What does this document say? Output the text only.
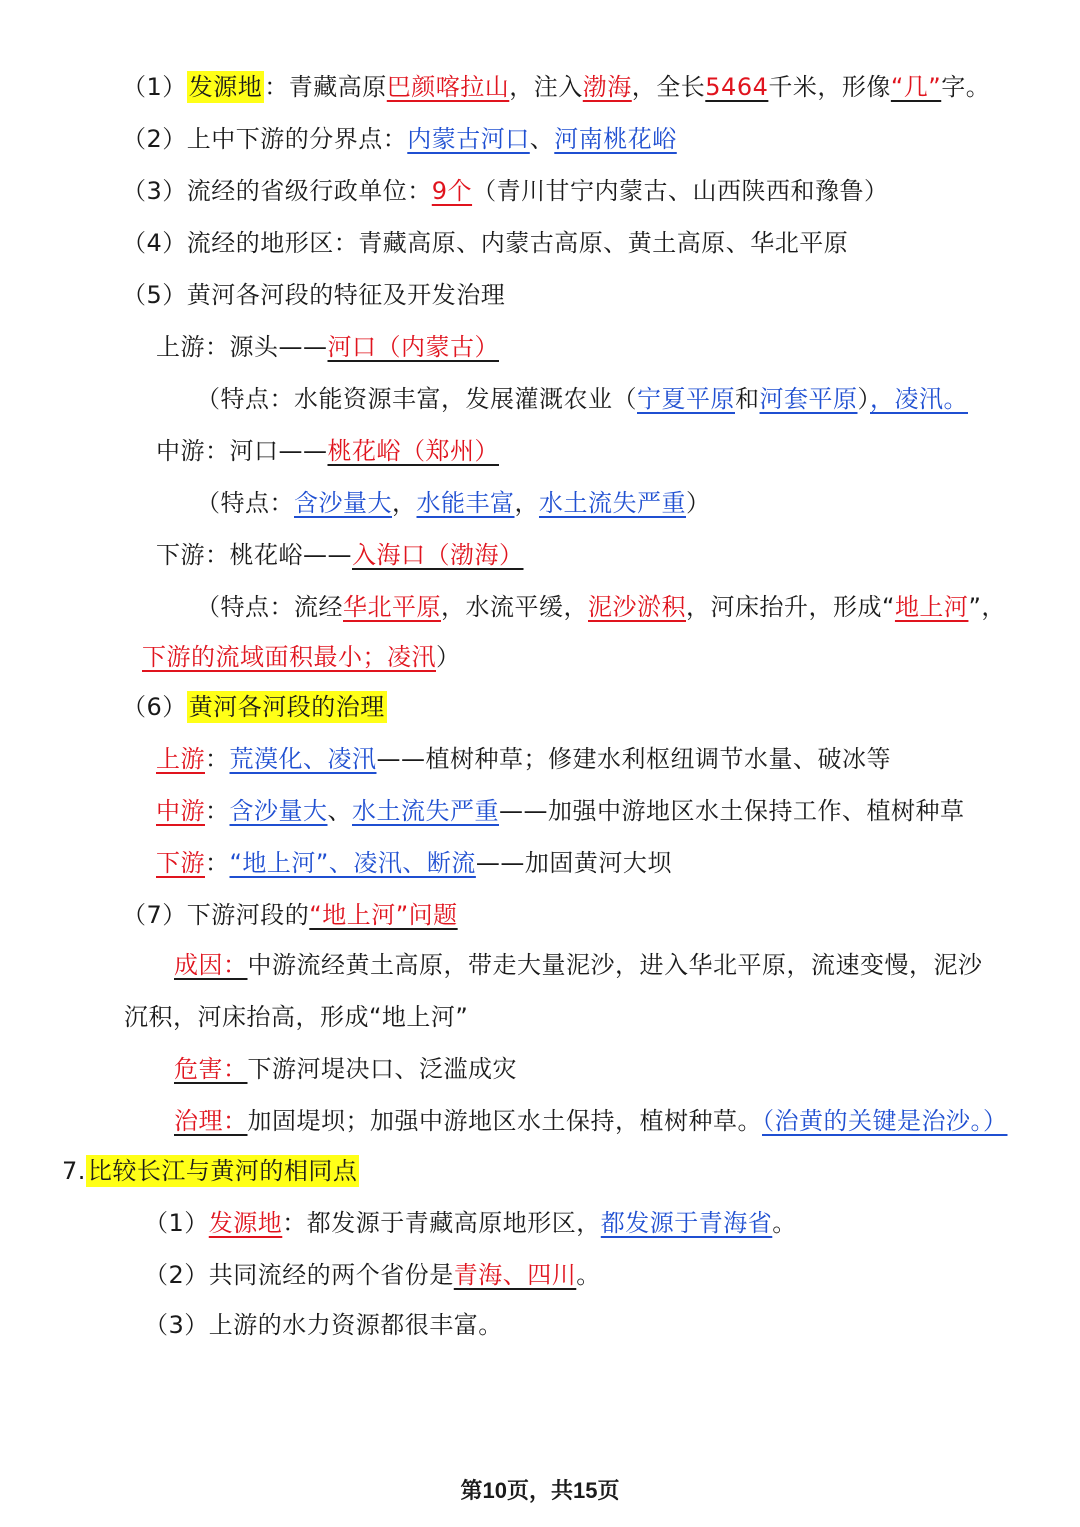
（1）发源地：青藏高原巴颜喀拉山，注入渤海，全长5464千米，形像“几”字。
（2）上中下游的分界点：内蒙古河口、河南桃花峪
（3）流经的省级行政单位：9个（青川甘宁内蒙古、山西陕西和豫鲁）
（4）流经的地形区：青藏高原、内蒙古高原、黄土高原、华北平原
（5）黄河各河段的特征及开发治理
上游：源头——河口（内蒙古）
（特点：水能资源丰富，发展灌溉农业（宁夏平原和河套平原），凌汛。
中游：河口——桃花峪（郑州）
（特点：含沙量大，水能丰富，水土流失严重）
下游：桃花峪——入海口（渤海）
（特点：流经华北平原，水流平缓，泥沙淤积，河床抬升，形成“地上河”，
下游的流域面积最小；凌汛）
（6）黄河各河段的治理
上游：荒漠化、凌汛——植树种草；修建水利枢纽调节水量、破冰等
中游：含沙量大、水土流失严重——加强中游地区水土保持工作、植树种草
下游：“地上河”、凌汛、断流——加固黄河大坝
（7）下游河段的“地上河”问题
成因：中游流经黄土高原，带走大量泥沙，进入华北平原，流速变慢，泥沙
沉积，河床抬高，形成“地上河”
危害：下游河堤决口、泛滥成灾
治理：加固堤坝；加强中游地区水土保持，植树种草。（治黄的关键是治沙。）
7.比较长江与黄河的相同点
（1）发源地：都发源于青藏高原地形区，都发源于青海省。
（2）共同流经的两个省份是青海、四川。
（3）上游的水力资源都很丰富。
第10页，共15页
